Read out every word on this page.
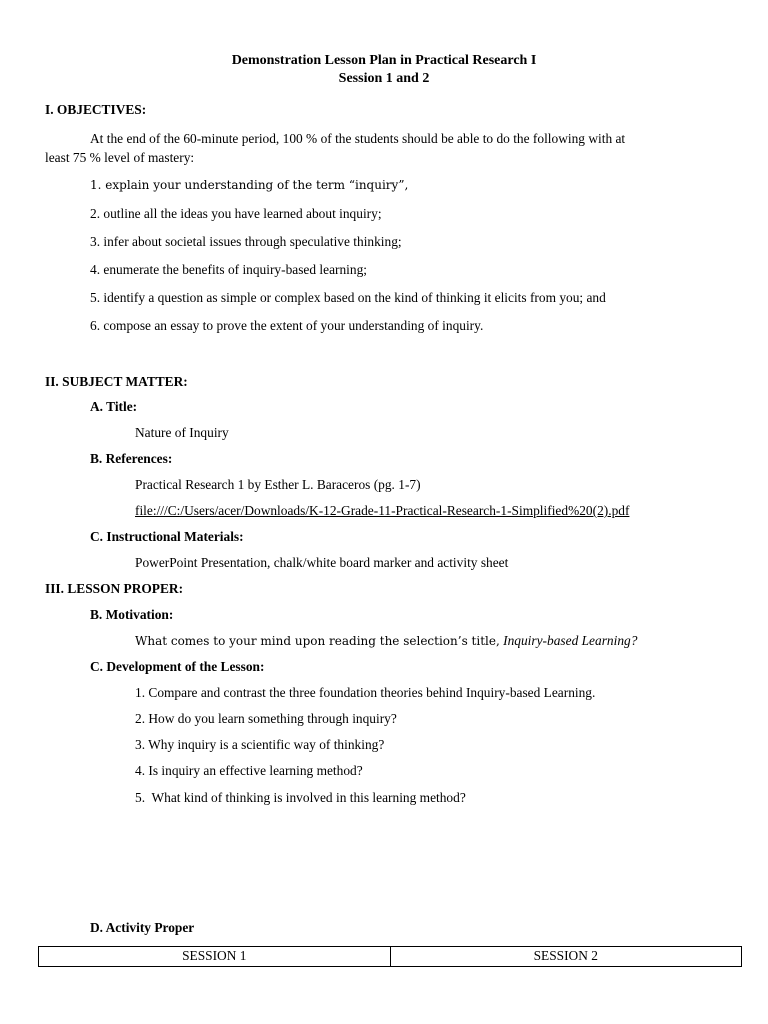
Demonstration Lesson Plan in Practical Research I
Session 1 and 2
I. OBJECTIVES:
At the end of the 60-minute period, 100 % of the students should be able to do the following with at
least 75 % level of mastery:
1. explain your understanding of the term “inquiry”,
2. outline all the ideas you have learned about inquiry;
3. infer about societal issues through speculative thinking;
4. enumerate the benefits of inquiry-based learning;
5. identify a question as simple or complex based on the kind of thinking it elicits from you; and
6. compose an essay to prove the extent of your understanding of inquiry.
II. SUBJECT MATTER:
A. Title:
Nature of Inquiry
B. References:
Practical Research 1 by Esther L. Baraceros (pg. 1-7)
file:///C:/Users/acer/Downloads/K-12-Grade-11-Practical-Research-1-Simplified%20(2).pdf
C. Instructional Materials:
PowerPoint Presentation, chalk/white board marker and activity sheet
III. LESSON PROPER:
B. Motivation:
What comes to your mind upon reading the selection’s title, Inquiry-based Learning?
C. Development of the Lesson:
1. Compare and contrast the three foundation theories behind Inquiry-based Learning.
2. How do you learn something through inquiry?
3. Why inquiry is a scientific way of thinking?
4. Is inquiry an effective learning method?
5.  What kind of thinking is involved in this learning method?
D. Activity Proper
SESSION 1	SESSION 2
